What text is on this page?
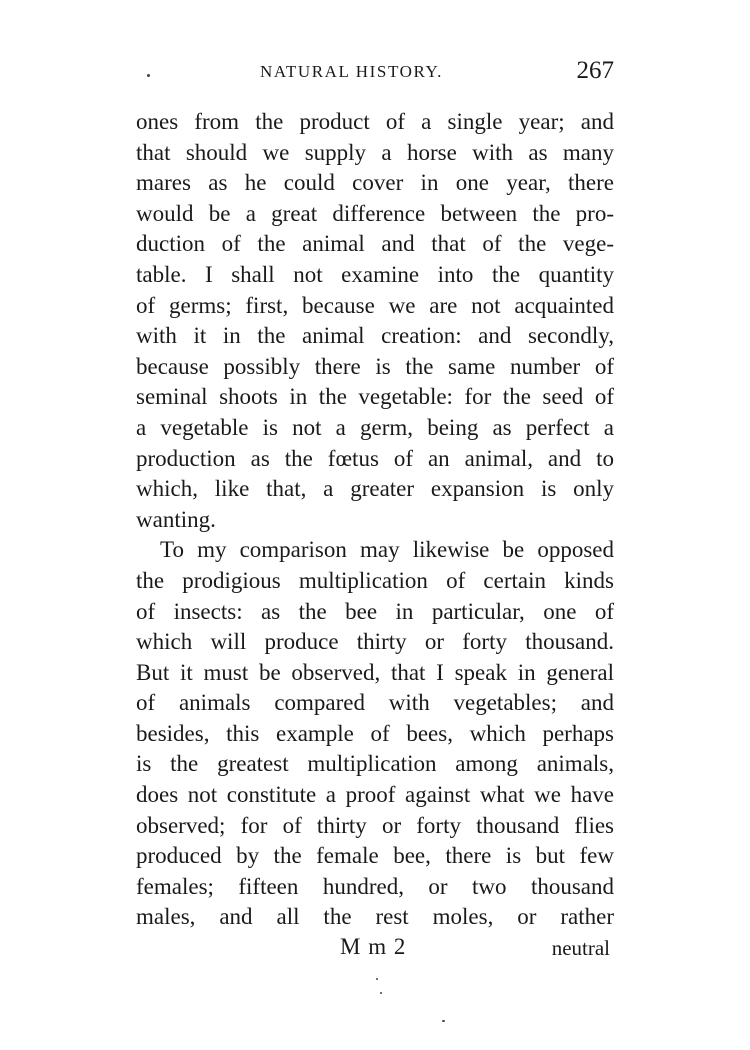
NATURAL HISTORY.	267
ones from the product of a single year; and
that should we supply a horse with as many
mares as he could cover in one year, there
would be a great difference between the pro-
duction of the animal and that of the vege-
table. I shall not examine into the quantity
of germs; first, because we are not acquainted
with it in the animal creation: and secondly,
because possibly there is the same number of
seminal shoots in the vegetable: for the seed of
a vegetable is not a germ, being as perfect a
production as the fœtus of an animal, and to
which, like that, a greater expansion is only
wanting.
To my comparison may likewise be opposed
the prodigious multiplication of certain kinds
of insects: as the bee in particular, one of
which will produce thirty or forty thousand.
But it must be observed, that I speak in general
of animals compared with vegetables; and
besides, this example of bees, which perhaps
is the greatest multiplication among animals,
does not constitute a proof against what we have
observed; for of thirty or forty thousand flies
produced by the female bee, there is but few
females; fifteen hundred, or two thousand
males, and all the rest moles, or rather
M m 2	neutral
